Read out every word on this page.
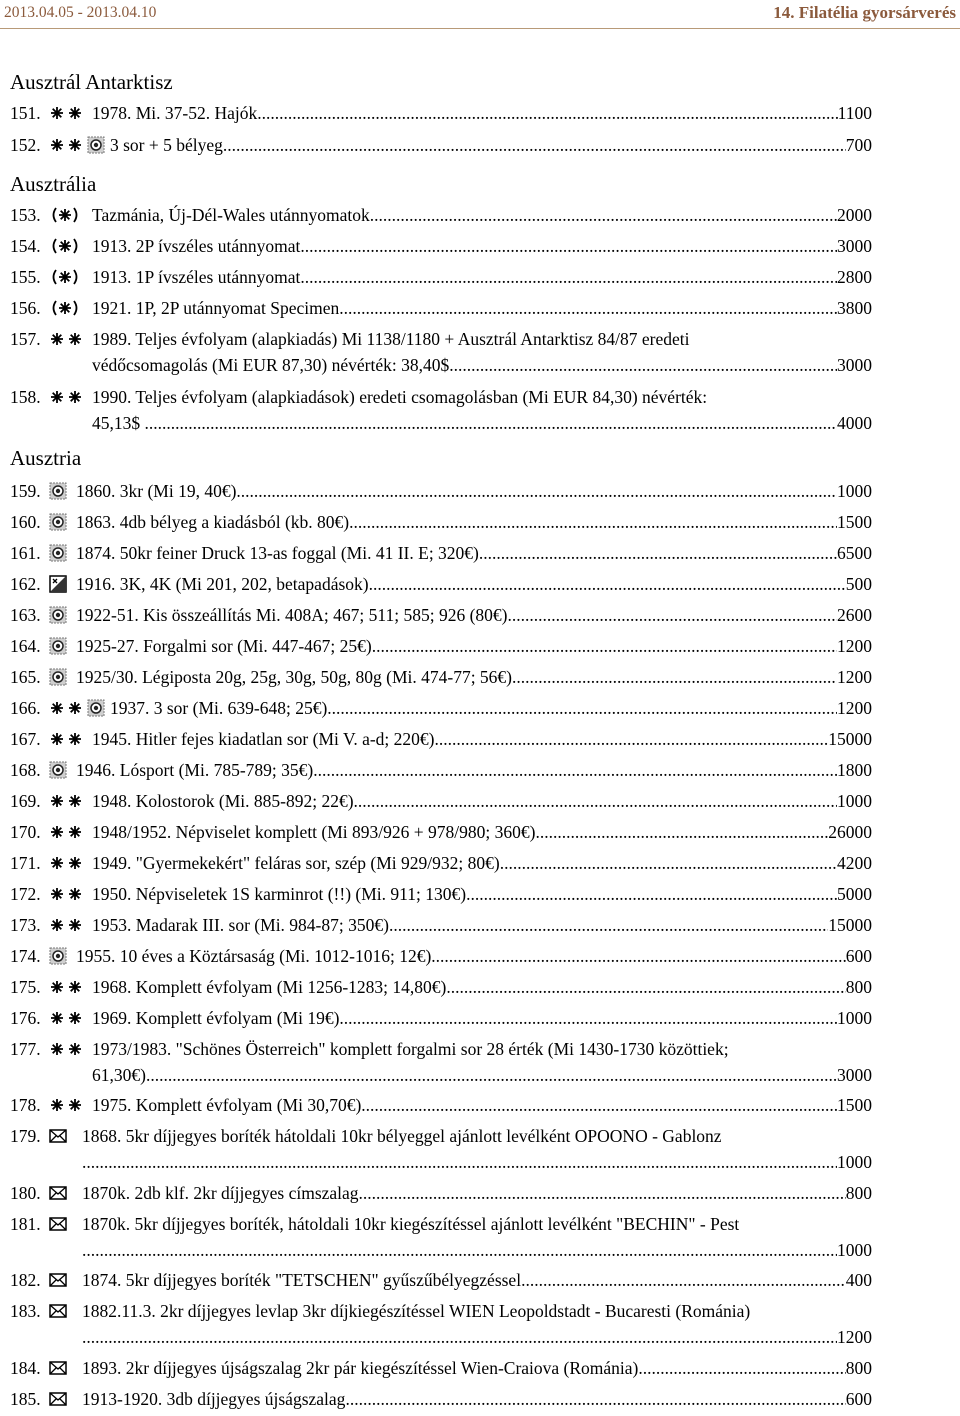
2013.04.05 - 2013.04.10	14. Filatélia gyorsárverés
Ausztrál Antarktisz
151.	1978. Mi. 37-52. Hajók .....	1100
152.	3 sor + 5 bélyeg .....	700
Ausztrália
153.	Tazmánia, Új-Dél-Wales utánnyomatok .....	2000
154.	1913. 2P ívszéles utánnyomat .....	3000
155.	1913. 1P ívszéles utánnyomat .....	2800
156.	1921. 1P, 2P utánnyomat Specimen .....	3800
157.	1989. Teljes évfolyam (alapkiadás) Mi 1138/1180 + Ausztrál Antarktisz 84/87 eredeti
védőcsomagolás (Mi EUR 87,30) névérték: 38,40$ .....	3000
158.	1990. Teljes évfolyam (alapkiadások) eredeti csomagolásban (Mi EUR 84,30) névérték:
45,13$ . .....	4000
Ausztria
159. 1860. 3kr (Mi 19, 40€) .....	1000
160. 1863. 4db bélyeg a kiadásból (kb. 80€) .....	1500
161. 1874. 50kr feiner Druck 13-as foggal (Mi. 41 II. E; 320€) .....	6500
162. 1916. 3K, 4K (Mi 201, 202, betapadások) .....	500
163. 1922-51. Kis összeállítás Mi. 408A; 467; 511; 585; 926 (80€) .....	2600
164. 1925-27. Forgalmi sor (Mi. 447-467; 25€) .....	1200
165. 1925/30. Légiposta 20g, 25g, 30g, 50g, 80g (Mi. 474-77; 56€) .....	1200
166.	1937. 3 sor (Mi. 639-648; 25€) .....	1200
167.	1945. Hitler fejes kiadatlan sor (Mi V. a-d; 220€) .....	15000
168. 1946. Lósport (Mi. 785-789; 35€) .....	1800
169.	1948. Kolostorok (Mi. 885-892; 22€) .....	1000
170.	1948/1952. Népviselet komplett (Mi 893/926 + 978/980; 360€) .....	26000
171.	1949. "Gyermekekért" feláras sor, szép (Mi 929/932; 80€) .....	4200
172.	1950. Népviseletek 1S karminrot (!!) (Mi. 911; 130€) .....	5000
173.	1953. Madarak III. sor (Mi. 984-87; 350€) .....	15000
174. 1955. 10 éves a Köztársaság (Mi. 1012-1016; 12€) .....	600
175.	1968. Komplett évfolyam (Mi 1256-1283; 14,80€) .....	800
176.	1969. Komplett évfolyam (Mi 19€) .....	1000
177.	1973/1983. "Schönes Österreich" komplett forgalmi sor 28 érték (Mi 1430-1730 közöttiek;
61,30€) .....	3000
178.	1975. Komplett évfolyam (Mi 30,70€) .....	1500
179. 1868. 5kr díjjegyes boríték hátoldali 10kr bélyeggel ajánlott levélként OPOONO - Gablonz
........ .....	1000
180. 1870k. 2db klf. 2kr díjjegyes címszalag .....	800
181. 1870k. 5kr díjjegyes boríték, hátoldali 10kr kiegészítéssel ajánlott levélként "BECHIN" - Pest
.... .....	1000
182. 1874. 5kr díjjegyes boríték "TETSCHEN" gyűszűbélyegzéssel .....	400
183. 1882.11.3. 2kr díjjegyes levlap 3kr díjkiegészítéssel WIEN Leopoldstadt - Bucaresti (Románia)
. .....	1200
184. 1893. 2kr díjjegyes újságszalag 2kr pár kiegészítéssel Wien-Craiova (Románia) .....	800
185. 1913-1920. 3db díjjegyes újságszalag .....	600
